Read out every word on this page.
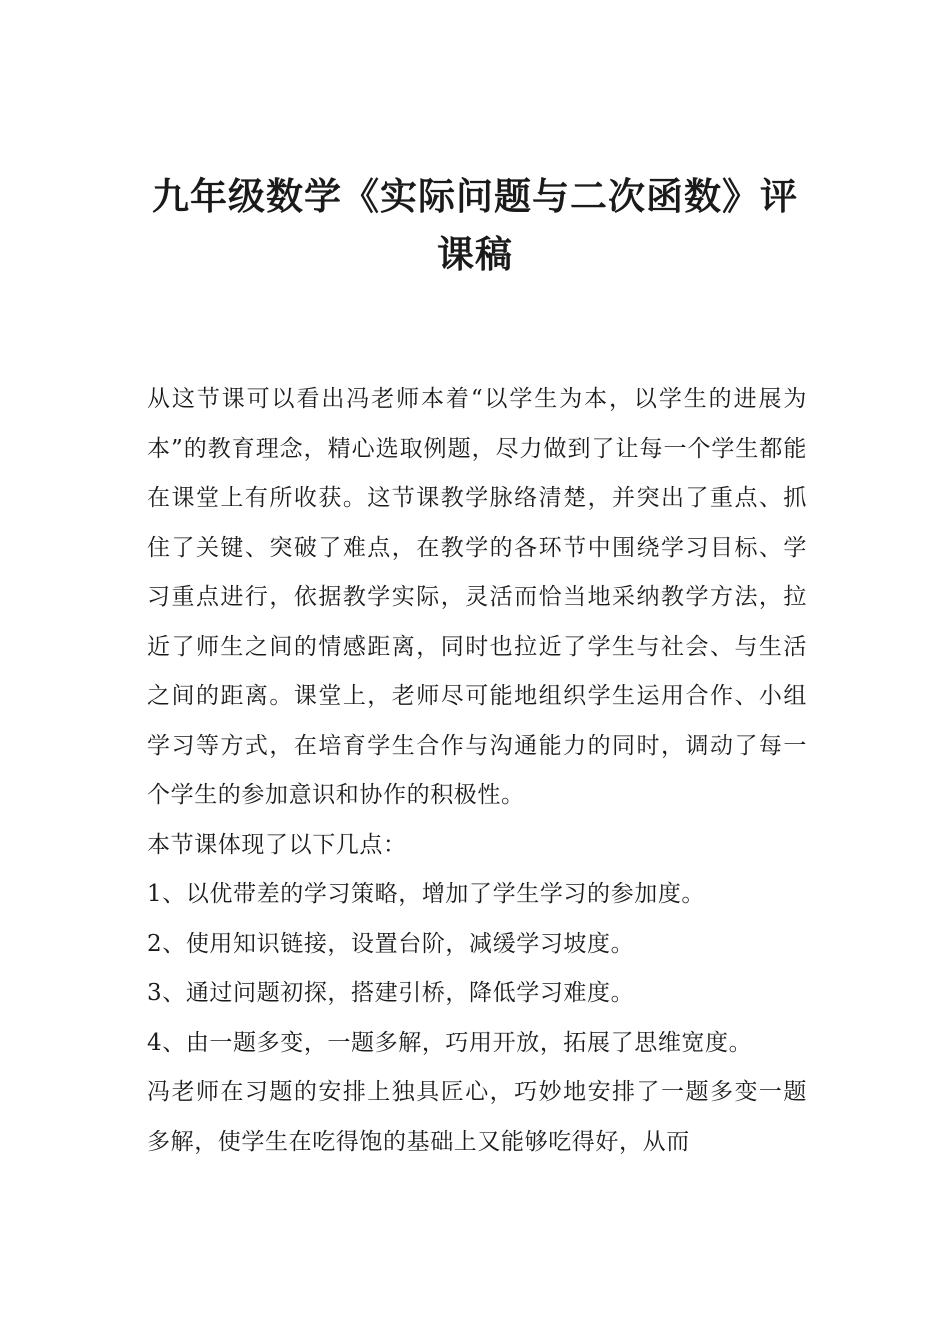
九年级数学《实际问题与二次函数》评课稿

从这节课可以看出冯老师本着“以学生为本，以学生的进展为本”的教育理念，精心选取例题，尽力做到了让每一个学生都能在课堂上有所收获。这节课教学脉络清楚，并突出了重点、抓住了关键、突破了难点，在教学的各环节中围绕学习目标、学习重点进行，依据教学实际，灵活而恰当地采纳教学方法，拉近了师生之间的情感距离，同时也拉近了学生与社会、与生活之间的距离。课堂上，老师尽可能地组织学生运用合作、小组学习等方式，在培育学生合作与沟通能力的同时，调动了每一个学生的参加意识和协作的积极性。

本节课体现了以下几点：

1、以优带差的学习策略，增加了学生学习的参加度。

2、使用知识链接，设置台阶，减缓学习坡度。

3、通过问题初探，搭建引桥，降低学习难度。

4、由一题多变，一题多解，巧用开放，拓展了思维宽度。

冯老师在习题的安排上独具匠心，巧妙地安排了一题多变一题多解，使学生在吃得饱的基础上又能够吃得好，从而
